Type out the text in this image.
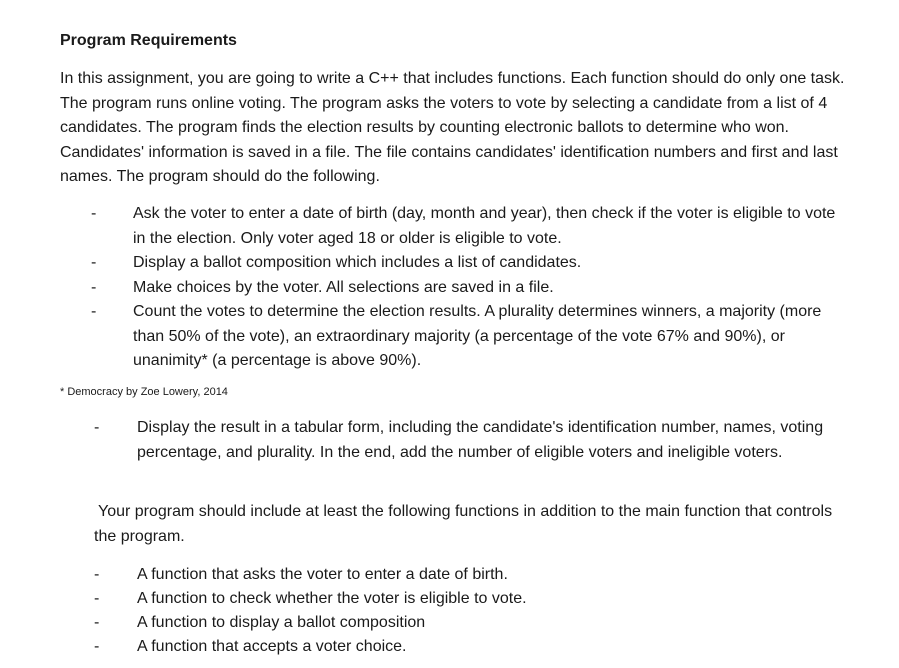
Program Requirements

In this assignment, you are going to write a C++ that includes functions. Each function should do only one task. The program runs online voting. The program asks the voters to vote by selecting a candidate from a list of 4 candidates. The program finds the election results by counting electronic ballots to determine who won. Candidates' information is saved in a file. The file contains candidates' identification numbers and first and last names. The program should do the following.

- Ask the voter to enter a date of birth (day, month and year), then check if the voter is eligible to vote in the election. Only voter aged 18 or older is eligible to vote.
- Display a ballot composition which includes a list of candidates.
- Make choices by the voter. All selections are saved in a file.
- Count the votes to determine the election results. A plurality determines winners, a majority (more than 50% of the vote), an extraordinary majority (a percentage of the vote 67% and 90%), or unanimity* (a percentage is above 90%).

* Democracy by Zoe Lowery, 2014

- Display the result in a tabular form, including the candidate's identification number, names, voting percentage, and plurality. In the end, add the number of eligible voters and ineligible voters.

Your program should include at least the following functions in addition to the main function that controls the program.

- A function that asks the voter to enter a date of birth.
- A function to check whether the voter is eligible to vote.
- A function to display a ballot composition
- A function that accepts a voter choice.
